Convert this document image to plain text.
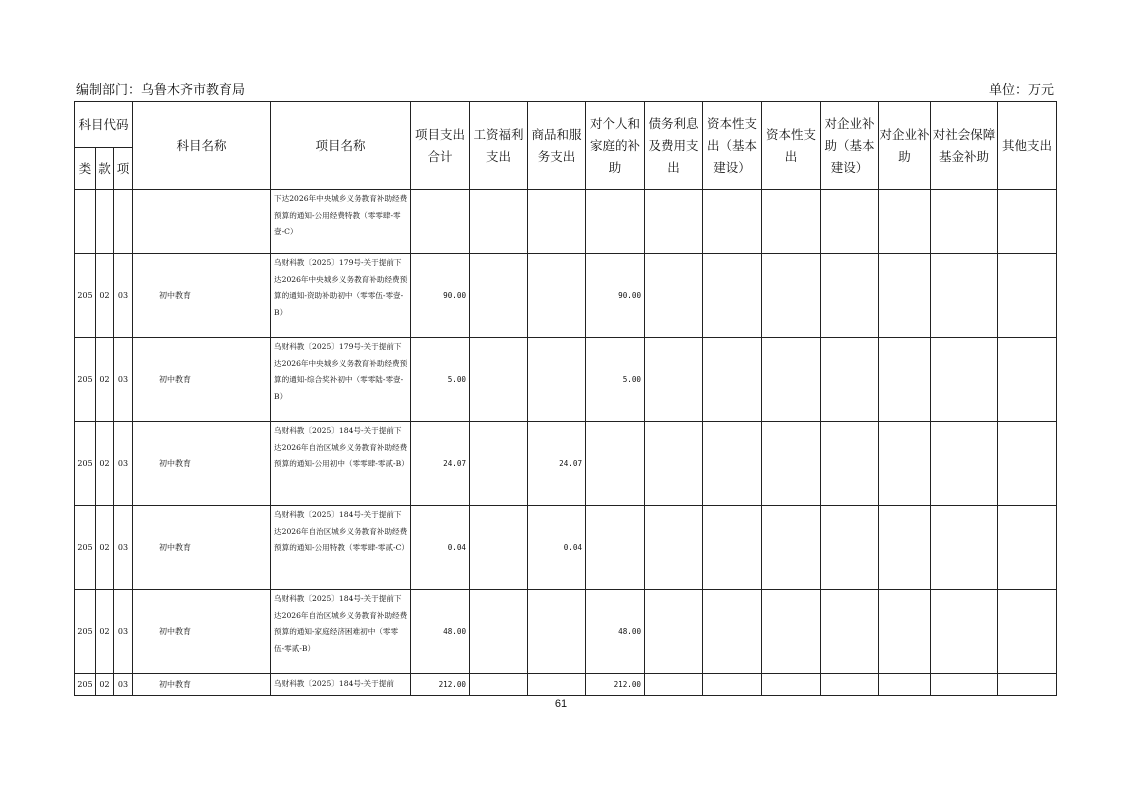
编制部门：乌鲁木齐市教育局	单位：万元
科目代码			科目名称	项目名称	项目支出合计	工资福利支出	商品和服务支出	对个人和家庭的补助	债务利息及费用支出	资本性支出（基本建设）	资本性支出	对企业补助（基本建设）	对企业补助	对社会保障基金补助	其他支出
类	款	项													
				下达2026年中央城乡义务教育补助经费预算的通知-公用经费特教（零零肆-零壹-C）											
205	02	03	初中教育	乌财科教〔2025〕179号-关于提前下达2026年中央城乡义务教育补助经费预算的通知-资助补助初中（零零伍-零壹-B）	90.00			90.00							
205	02	03	初中教育	乌财科教〔2025〕179号-关于提前下达2026年中央城乡义务教育补助经费预算的通知-综合奖补初中（零零陆-零壹-B）	5.00			5.00							
205	02	03	初中教育	乌财科教〔2025〕184号-关于提前下达2026年自治区城乡义务教育补助经费预算的通知-公用初中（零零肆-零贰-B）	24.07		24.07								
205	02	03	初中教育	乌财科教〔2025〕184号-关于提前下达2026年自治区城乡义务教育补助经费预算的通知-公用特教（零零肆-零贰-C）	0.04		0.04								
205	02	03	初中教育	乌财科教〔2025〕184号-关于提前下达2026年自治区城乡义务教育补助经费预算的通知-家庭经济困难初中（零零伍-零贰-B）	48.00			48.00							
205	02	03	初中教育	乌财科教〔2025〕184号-关于提前	212.00			212.00							
61
